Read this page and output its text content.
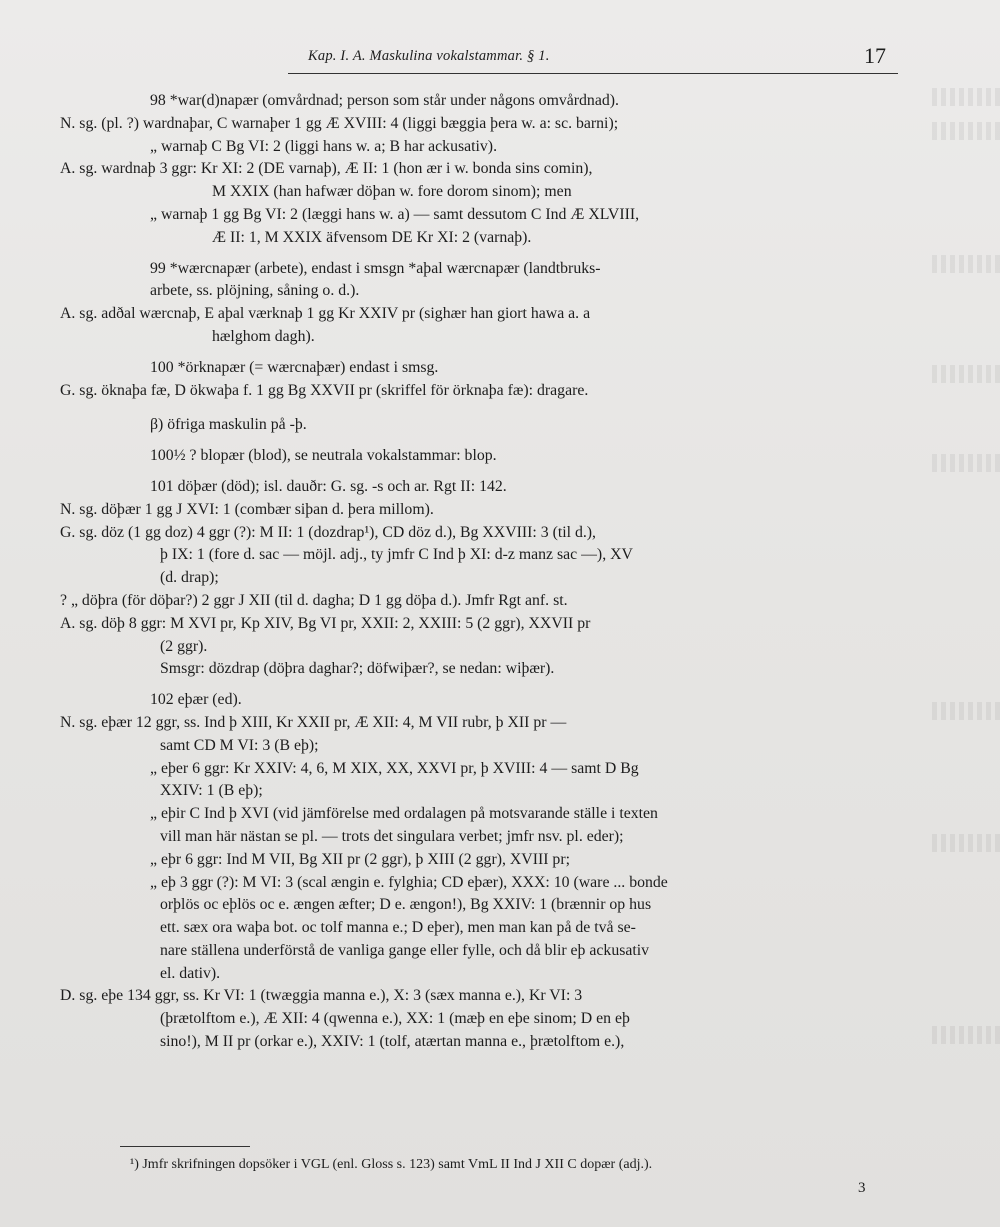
Kap. I. A. Maskulina vokalstammar. § 1.	17
98 *war(d)napær (omvårdnad; person som står under någons omvårdnad).
N. sg. (pl. ?) wardnaþar, C warnaþer 1 gg Æ XVIII: 4 (liggi bæggia þera w. a: sc. barni);
„ warnaþ C Bg VI: 2 (liggi hans w. a; B har ackusativ).
A. sg. wardnaþ 3 ggr: Kr XI: 2 (DE varnaþ), Æ II: 1 (hon ær i w. bonda sins comin),
M XXIX (han hafwær döþan w. fore dorom sinom); men
„ warnaþ 1 gg Bg VI: 2 (læggi hans w. a) — samt dessutom C Ind Æ XLVIII,
Æ II: 1, M XXIX äfvensom DE Kr XI: 2 (varnaþ).
99 *wærcnapær (arbete), endast i smsgn *aþal wærcnapær (landtbruks-
arbete, ss. plöjning, såning o. d.).
A. sg. adðal wærcnaþ, E aþal værknaþ 1 gg Kr XXIV pr (sighær han giort hawa a. a
hælghom dagh).
100 *örknapær (= wærcnaþær) endast i smsg.
G. sg. öknaþa fæ, D ökwaþa f. 1 gg Bg XXVII pr (skriffel för örknaþa fæ): dragare.
β) öfriga maskulin på -þ.
100½ ? blopær (blod), se neutrala vokalstammar: blop.
101 döþær (död); isl. dauðr: G. sg. -s och ar. Rgt II: 142.
N. sg. döþær 1 gg J XVI: 1 (combær siþan d. þera millom).
G. sg. döz (1 gg doz) 4 ggr (?): M II: 1 (dozdrap¹), CD döz d.), Bg XXVIII: 3 (til d.),
þ IX: 1 (fore d. sac — möjl. adj., ty jmfr C Ind þ XI: d-z manz sac —), XV
(d. drap);
? „ döþra (för döþar?) 2 ggr J XII (til d. dagha; D 1 gg döþa d.). Jmfr Rgt anf. st.
A. sg. döþ 8 ggr: M XVI pr, Kp XIV, Bg VI pr, XXII: 2, XXIII: 5 (2 ggr), XXVII pr
(2 ggr).
Smsgr: dözdrap (döþra daghar?; döfwiþær?, se nedan: wiþær).
102 eþær (ed).
N. sg. eþær 12 ggr, ss. Ind þ XIII, Kr XXII pr, Æ XII: 4, M VII rubr, þ XII pr —
samt CD M VI: 3 (B eþ);
„ eþer 6 ggr: Kr XXIV: 4, 6, M XIX, XX, XXVI pr, þ XVIII: 4 — samt D Bg
XXIV: 1 (B eþ);
„ eþir C Ind þ XVI (vid jämförelse med ordalagen på motsvarande ställe i texten
vill man här nästan se pl. — trots det singulara verbet; jmfr nsv. pl. eder);
„ eþr 6 ggr: Ind M VII, Bg XII pr (2 ggr), þ XIII (2 ggr), XVIII pr;
„ eþ 3 ggr (?): M VI: 3 (scal ængin e. fylghia; CD eþær), XXX: 10 (ware ... bonde
orþlös oc eþlös oc e. ængen æfter; D e. ængon!), Bg XXIV: 1 (brænnir op hus
ett. sæx ora waþa bot. oc tolf manna e.; D eþer), men man kan på de två se-
nare ställena underförstå de vanliga gange eller fylle, och då blir eþ ackusativ
el. dativ).
D. sg. eþe 134 ggr, ss. Kr VI: 1 (twæggia manna e.), X: 3 (sæx manna e.), Kr VI: 3
(þrætolftom e.), Æ XII: 4 (qwenna e.), XX: 1 (mæþ en eþe sinom; D en eþ
sino!), M II pr (orkar e.), XXIV: 1 (tolf, atærtan manna e., þrætolftom e.),
¹) Jmfr skrifningen dopsöker i VGL (enl. Gloss s. 123) samt VmL II Ind J XII C dopær (adj.).
3
